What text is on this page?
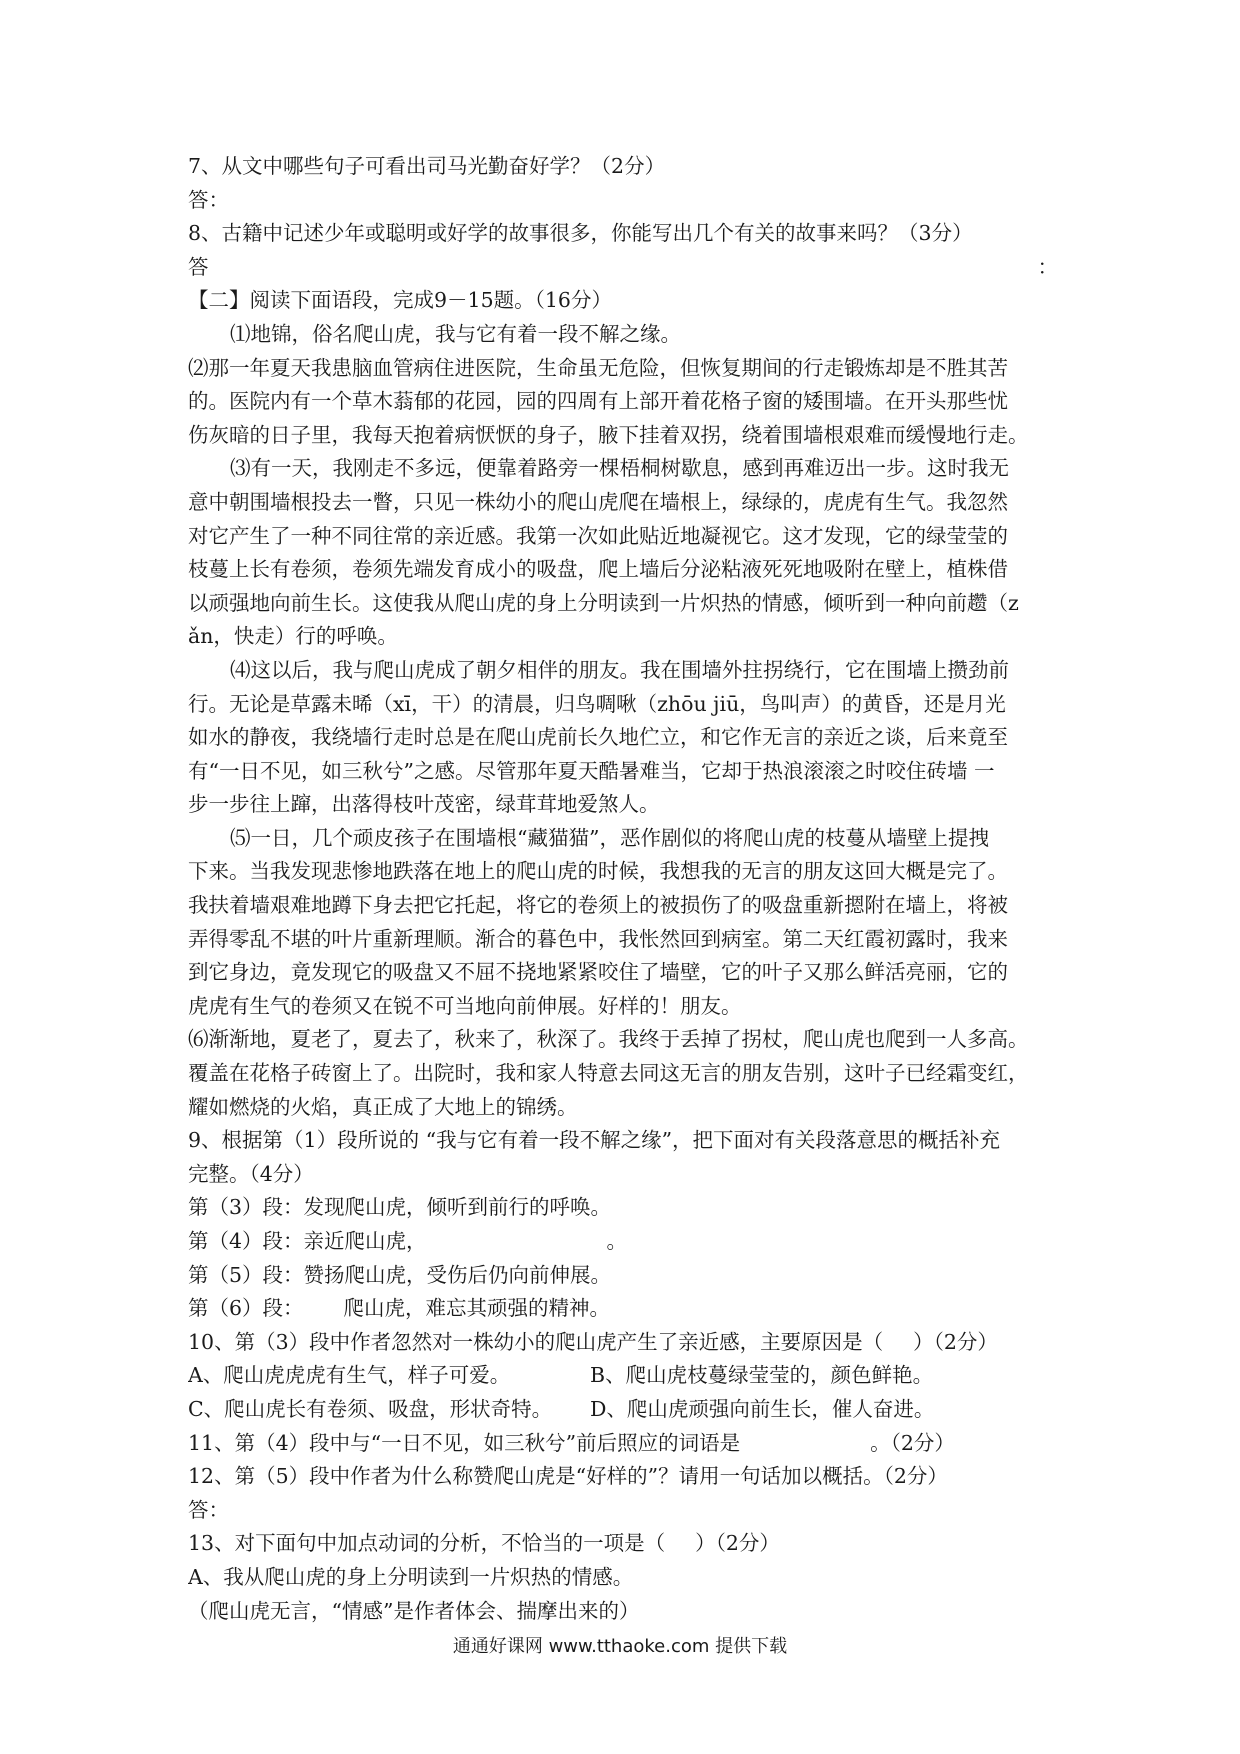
7、从文中哪些句子可看出司马光勤奋好学？（2分）
答：
8、古籍中记述少年或聪明或好学的故事很多，你能写出几个有关的故事来吗？（3分）
答	：
【二】阅读下面语段，完成9－15题。（16分）
⑴地锦，俗名爬山虎，我与它有着一段不解之缘。
⑵那一年夏天我患脑血管病住进医院，生命虽无危险，但恢复期间的行走锻炼却是不胜其苦
的。医院内有一个草木蓊郁的花园，园的四周有上部开着花格子窗的矮围墙。在开头那些忧
伤灰暗的日子里，我每天抱着病恹恹的身子，腋下挂着双拐，绕着围墙根艰难而缓慢地行走。
⑶有一天，我刚走不多远，便靠着路旁一棵梧桐树歇息，感到再难迈出一步。这时我无
意中朝围墙根投去一瞥，只见一株幼小的爬山虎爬在墙根上，绿绿的，虎虎有生气。我忽然
对它产生了一种不同往常的亲近感。我第一次如此贴近地凝视它。这才发现，它的绿莹莹的
枝蔓上长有卷须，卷须先端发育成小的吸盘，爬上墙后分泌粘液死死地吸附在壁上，植株借
以顽强地向前生长。这使我从爬山虎的身上分明读到一片炽热的情感，倾听到一种向前趱（z
ǎn，快走）行的呼唤。
⑷这以后，我与爬山虎成了朝夕相伴的朋友。我在围墙外拄拐绕行，它在围墙上攒劲前
行。无论是草露未晞（xī，干）的清晨，归鸟啁啾（zhōu jiū，鸟叫声）的黄昏，还是月光
如水的静夜，我绕墙行走时总是在爬山虎前长久地伫立，和它作无言的亲近之谈，后来竟至
有“一日不见，如三秋兮”之感。尽管那年夏天酷暑难当，它却于热浪滚滚之时咬住砖墙 一
步一步往上蹿，出落得枝叶茂密，绿茸茸地爱煞人。
⑸一日，几个顽皮孩子在围墙根“藏猫猫”，恶作剧似的将爬山虎的枝蔓从墙壁上提拽
下来。当我发现悲惨地跌落在地上的爬山虎的时候，我想我的无言的朋友这回大概是完了。
我扶着墙艰难地蹲下身去把它托起，将它的卷须上的被损伤了的吸盘重新摁附在墙上，将被
弄得零乱不堪的叶片重新理顺。渐合的暮色中，我怅然回到病室。第二天红霞初露时，我来
到它身边，竟发现它的吸盘又不屈不挠地紧紧咬住了墙壁，它的叶子又那么鲜活亮丽，它的
虎虎有生气的卷须又在锐不可当地向前伸展。好样的！朋友。
⑹渐渐地，夏老了，夏去了，秋来了，秋深了。我终于丢掉了拐杖，爬山虎也爬到一人多高。
覆盖在花格子砖窗上了。出院时，我和家人特意去同这无言的朋友告别，这叶子已经霜变红，
耀如燃烧的火焰，真正成了大地上的锦绣。
9、根据第（1）段所说的 “我与它有着一段不解之缘”，把下面对有关段落意思的概括补充
完整。（4分）
第（3）段：发现爬山虎，倾听到前行的呼唤。
第（4）段：亲近爬山虎，	。
第（5）段：赞扬爬山虎，受伤后仍向前伸展。
第（6）段： 爬山虎，难忘其顽强的精神。
10、第（3）段中作者忽然对一株幼小的爬山虎产生了亲近感，主要原因是（ ）（2分）
A、爬山虎虎虎有生气，样子可爱。	B、爬山虎枝蔓绿莹莹的，颜色鲜艳。
C、爬山虎长有卷须、吸盘，形状奇特。	D、爬山虎顽强向前生长，催人奋进。
11、第（4）段中与“一日不见，如三秋兮”前后照应的词语是	。（2分）
12、第（5）段中作者为什么称赞爬山虎是“好样的”？请用一句话加以概括。（2分）
答：
13、对下面句中加点动词的分析，不恰当的一项是（ ）（2分）
A、我从爬山虎的身上分明读到一片炽热的情感。
（爬山虎无言，“情感”是作者体会、揣摩出来的）
通通好课网 www.tthaoke.com 提供下载
